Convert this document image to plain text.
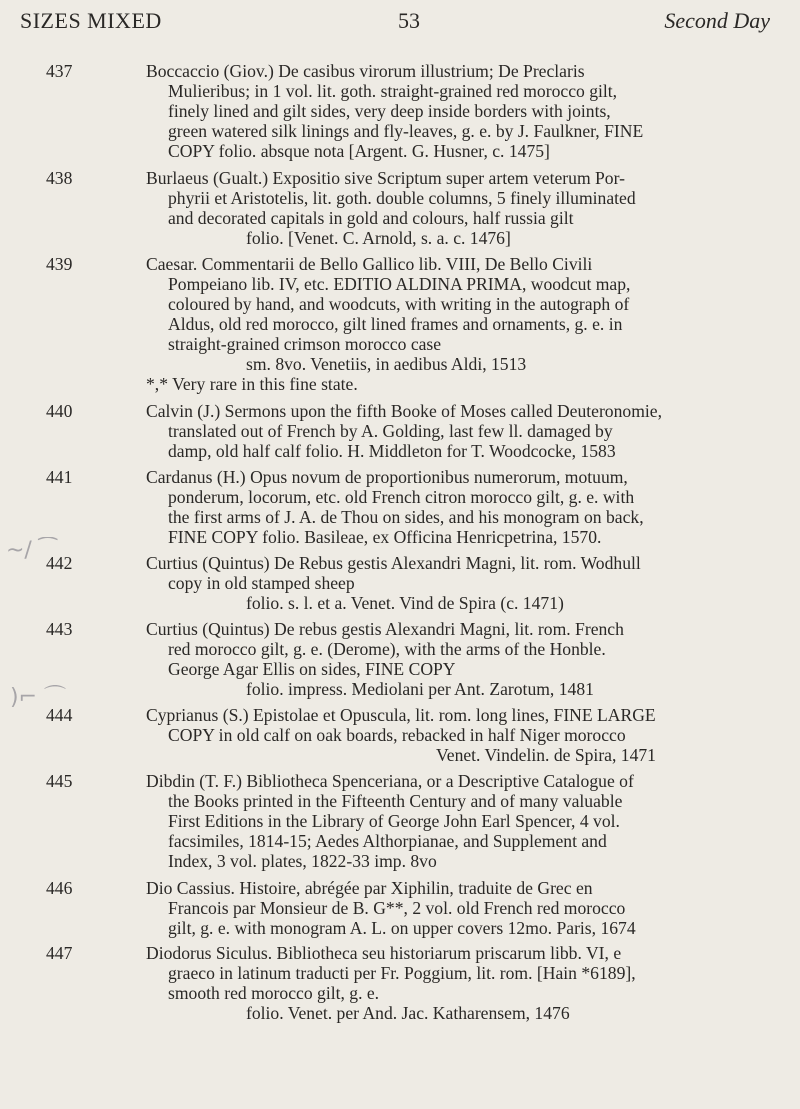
SIZES MIXED	53	Second Day
~/ ⁀
)⌐ ⌒
437	Boccaccio (Giov.) De casibus virorum illustrium; De Preclaris
Mulieribus; in 1 vol. lit. goth. straight-grained red morocco gilt,
finely lined and gilt sides, very deep inside borders with joints,
green watered silk linings and fly-leaves, g. e. by J. Faulkner, FINE
COPY folio. absque nota [Argent. G. Husner, c. 1475]
438	Burlaeus (Gualt.) Expositio sive Scriptum super artem veterum Por-
phyrii et Aristotelis, lit. goth. double columns, 5 finely illuminated
and decorated capitals in gold and colours, half russia gilt
folio. [Venet. C. Arnold, s. a. c. 1476]
439	Caesar. Commentarii de Bello Gallico lib. VIII, De Bello Civili
Pompeiano lib. IV, etc. EDITIO ALDINA PRIMA, woodcut map,
coloured by hand, and woodcuts, with writing in the autograph of
Aldus, old red morocco, gilt lined frames and ornaments, g. e. in
straight-grained crimson morocco case
sm. 8vo. Venetiis, in aedibus Aldi, 1513
*,* Very rare in this fine state.
440	Calvin (J.) Sermons upon the fifth Booke of Moses called Deuteronomie,
translated out of French by A. Golding, last few ll. damaged by
damp, old half calf folio. H. Middleton for T. Woodcocke, 1583
441	Cardanus (H.) Opus novum de proportionibus numerorum, motuum,
ponderum, locorum, etc. old French citron morocco gilt, g. e. with
the first arms of J. A. de Thou on sides, and his monogram on back,
FINE COPY folio. Basileae, ex Officina Henricpetrina, 1570.
442	Curtius (Quintus) De Rebus gestis Alexandri Magni, lit. rom. Wodhull
copy in old stamped sheep
folio. s. l. et a. Venet. Vind de Spira (c. 1471)
443	Curtius (Quintus) De rebus gestis Alexandri Magni, lit. rom. French
red morocco gilt, g. e. (Derome), with the arms of the Honble.
George Agar Ellis on sides, FINE COPY
folio. impress. Mediolani per Ant. Zarotum, 1481
444	Cyprianus (S.) Epistolae et Opuscula, lit. rom. long lines, FINE LARGE
COPY in old calf on oak boards, rebacked in half Niger morocco
Venet. Vindelin. de Spira, 1471
445	Dibdin (T. F.) Bibliotheca Spenceriana, or a Descriptive Catalogue of
the Books printed in the Fifteenth Century and of many valuable
First Editions in the Library of George John Earl Spencer, 4 vol.
facsimiles, 1814-15; Aedes Althorpianae, and Supplement and
Index, 3 vol. plates, 1822-33 imp. 8vo
446	Dio Cassius. Histoire, abrégée par Xiphilin, traduite de Grec en
Francois par Monsieur de B. G**, 2 vol. old French red morocco
gilt, g. e. with monogram A. L. on upper covers 12mo. Paris, 1674
447	Diodorus Siculus. Bibliotheca seu historiarum priscarum libb. VI, e
graeco in latinum traducti per Fr. Poggium, lit. rom. [Hain *6189],
smooth red morocco gilt, g. e.
folio. Venet. per And. Jac. Katharensem, 1476
